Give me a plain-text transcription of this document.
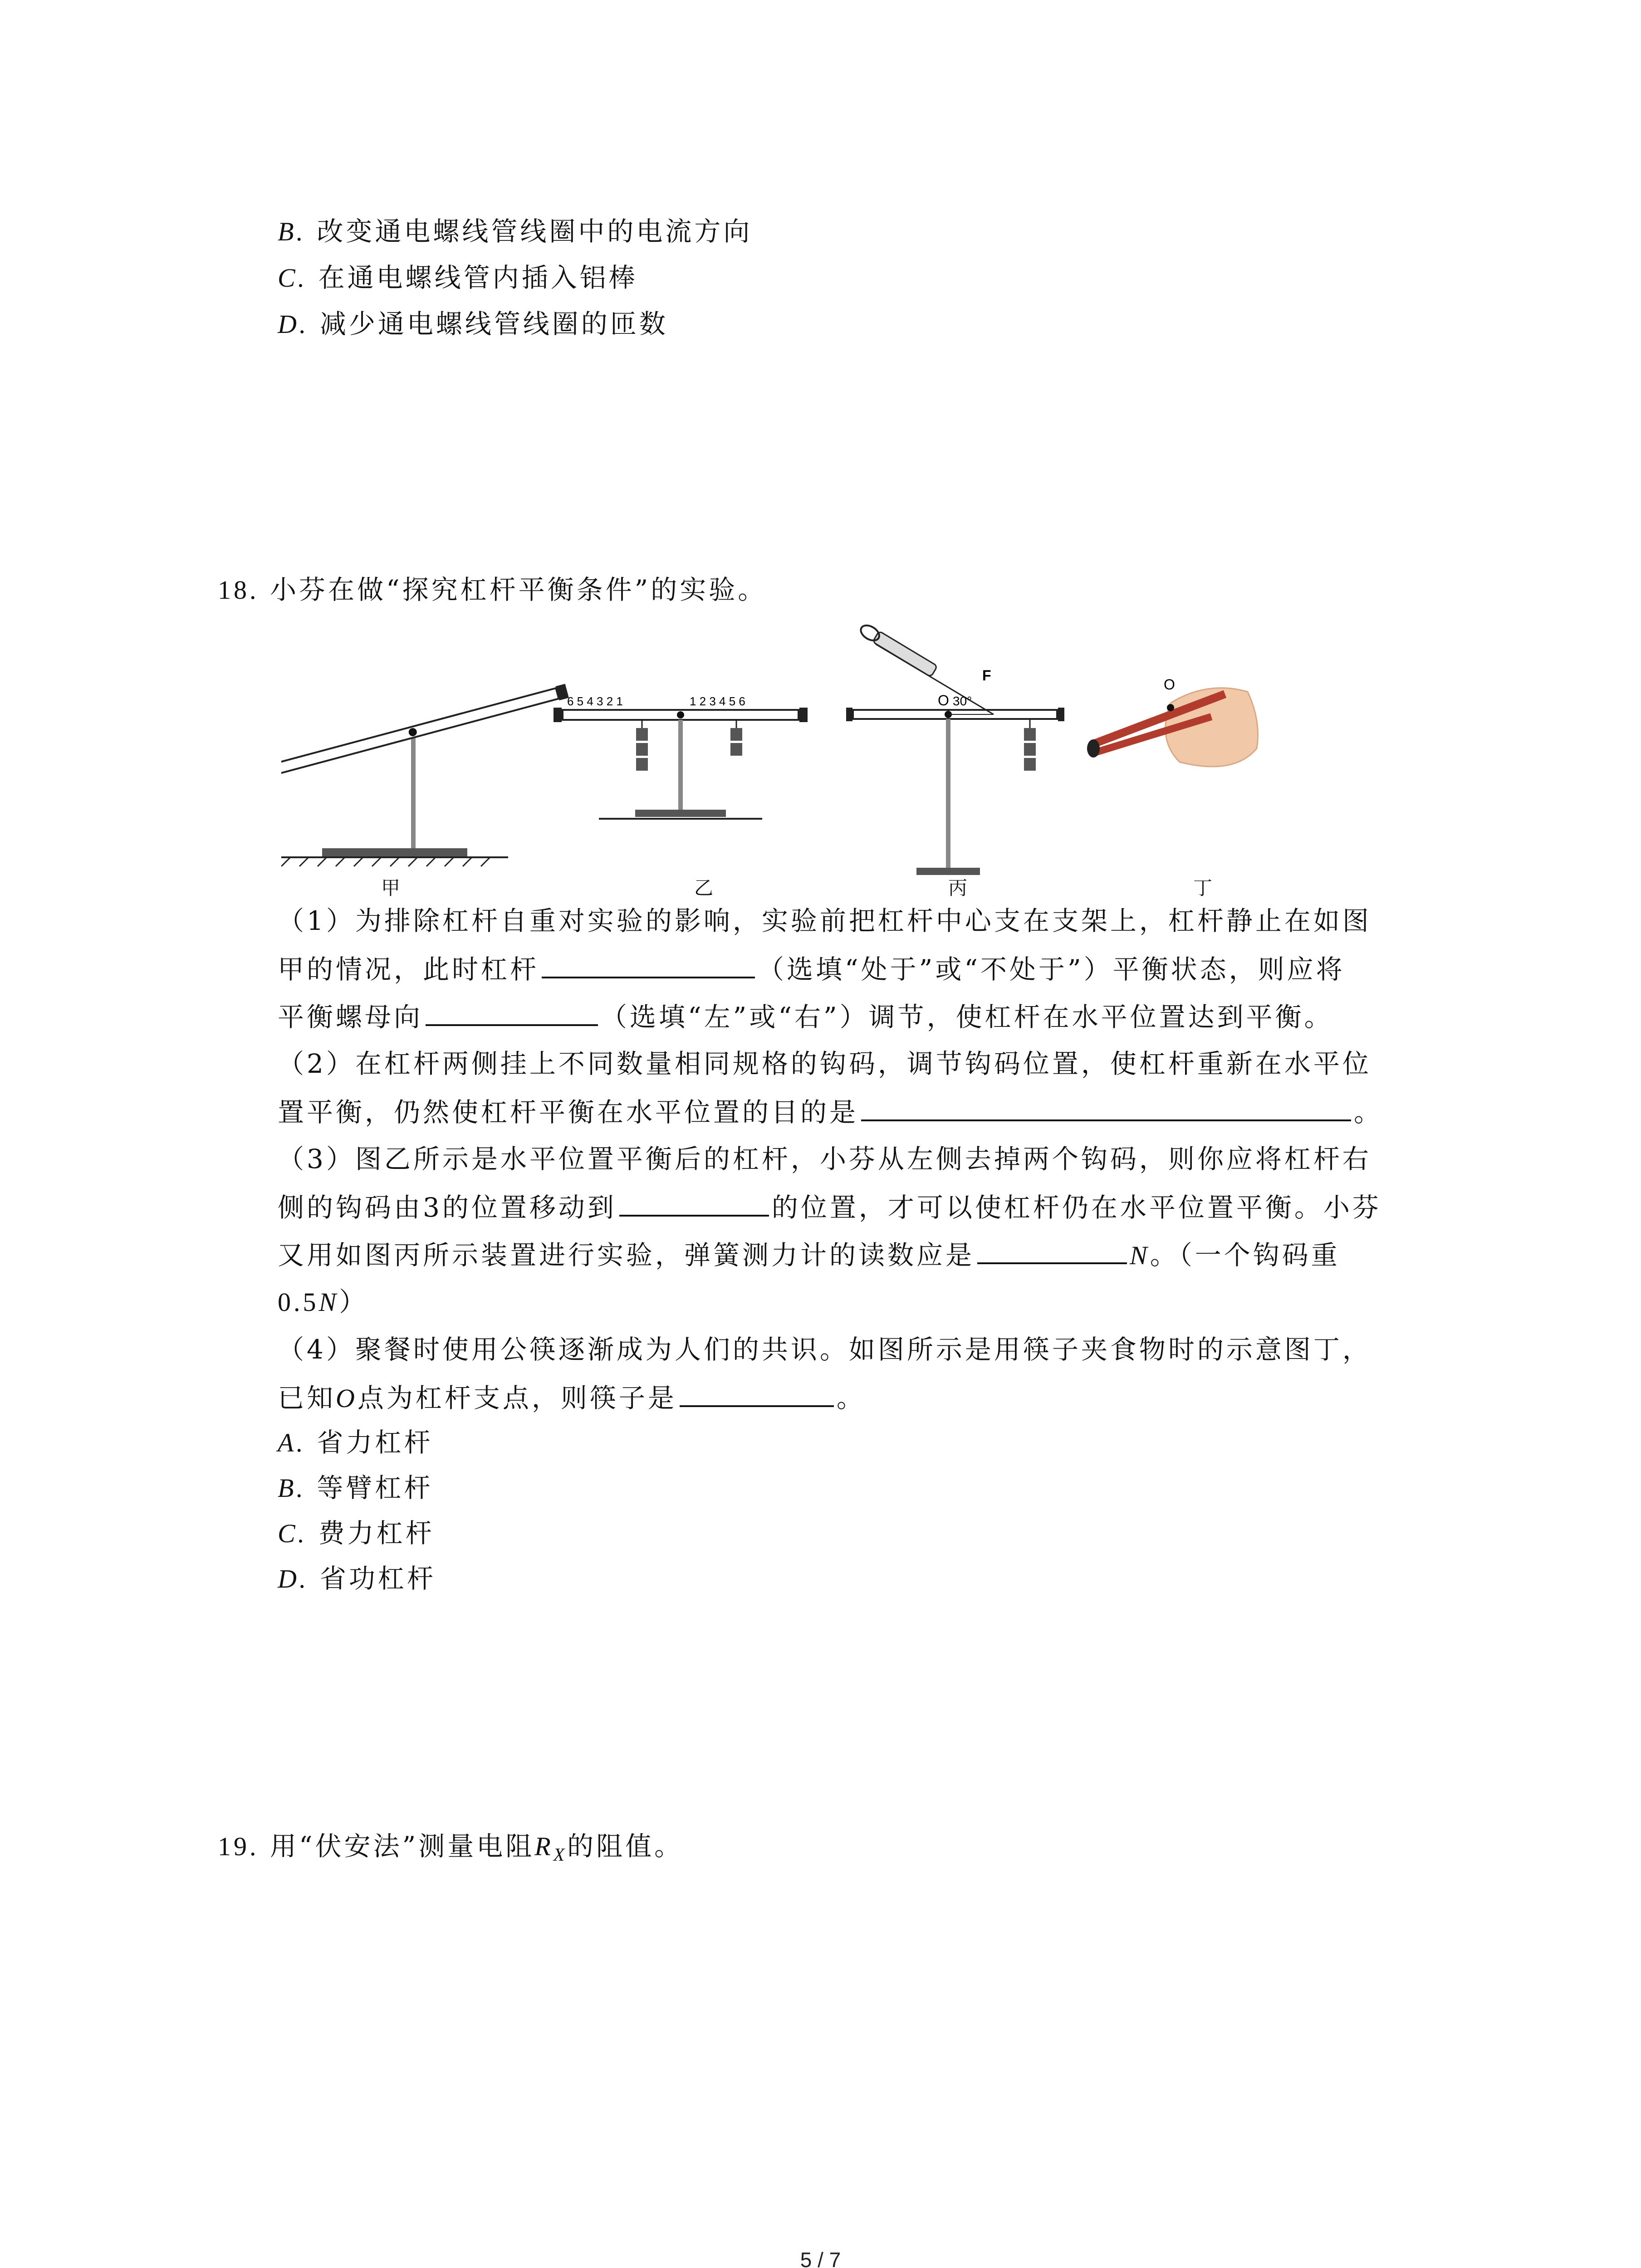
B. 改变通电螺线管线圈中的电流方向
C. 在通电螺线管内插入铝棒
D. 减少通电螺线管线圈的匝数
18. 小芬在做“探究杠杆平衡条件”的实验。
6 5 4 3 2 1	1 2 3 4 5 6
F
O 30°
O
甲	乙	丙	丁
（1）为排除杠杆自重对实验的影响，实验前把杠杆中心支在支架上，杠杆静止在如图
甲的情况，此时杠杆	（选填“处于”或“不处于”）平衡状态，则应将
平衡螺母向	（选填“左”或“右”）调节，使杠杆在水平位置达到平衡。
（2）在杠杆两侧挂上不同数量相同规格的钩码，调节钩码位置，使杠杆重新在水平位
置平衡，仍然使杠杆平衡在水平位置的目的是	。
（3）图乙所示是水平位置平衡后的杠杆，小芬从左侧去掉两个钩码，则你应将杠杆右
侧的钩码由3的位置移动到	的位置，才可以使杠杆仍在水平位置平衡。小芬
又用如图丙所示装置进行实验，弹簧测力计的读数应是	N。（一个钩码重
0.5N）
（4）聚餐时使用公筷逐渐成为人们的共识。如图所示是用筷子夹食物时的示意图丁，
已知O点为杠杆支点，则筷子是	。
A. 省力杠杆
B. 等臂杠杆
C. 费力杠杆
D. 省功杠杆
19. 用“伏安法”测量电阻$R_X$的阻值。
5 / 7
